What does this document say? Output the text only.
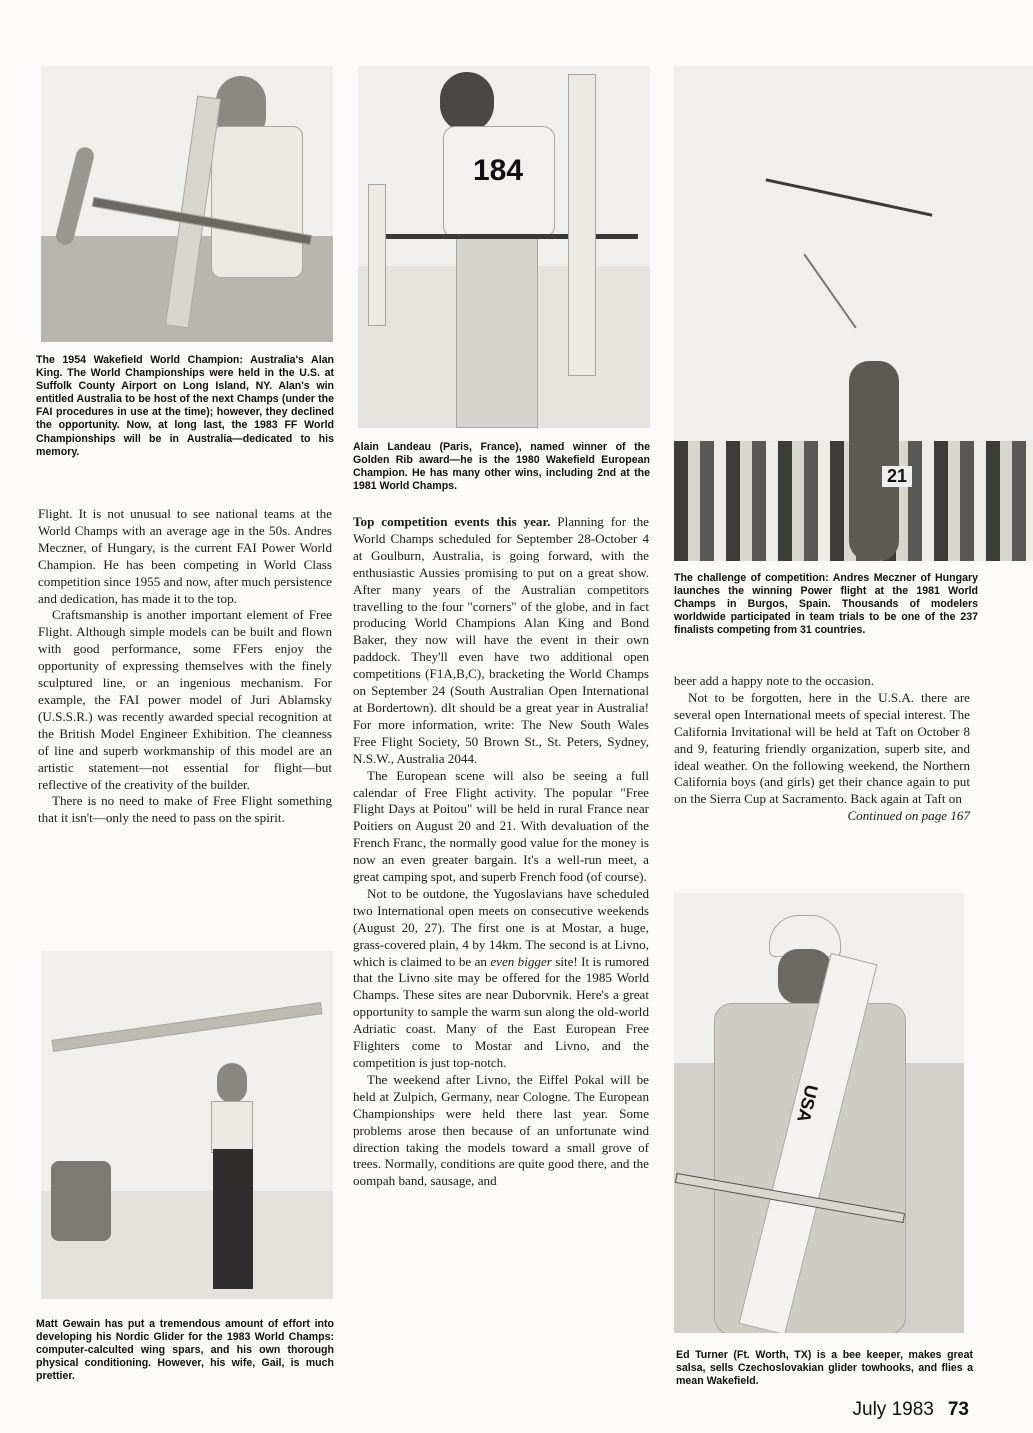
The 1954 Wakefield World Champion: Australia's Alan King. The World Championships were held in the U.S. at Suffolk County Airport on Long Island, NY. Alan's win entitled Australia to be host of the next Champs (under the FAI procedures in use at the time); however, they declined the opportunity. Now, at long last, the 1983 FF World Championships will be in Australia—dedicated to his memory.
184
Alain Landeau (Paris, France), named winner of the Golden Rib award—he is the 1980 Wakefield European Champion. He has many other wins, including 2nd at the 1981 World Champs.
21
The challenge of competition: Andres Meczner of Hungary launches the winning Power flight at the 1981 World Champs in Burgos, Spain. Thousands of modelers worldwide participated in team trials to be one of the 237 finalists competing from 31 countries.

Flight. It is not unusual to see national teams at the World Champs with an average age in the 50s. Andres Meczner, of Hungary, is the current FAI Power World Champion. He has been competing in World Class competition since 1955 and now, after much persistence and dedication, has made it to the top.

Craftsmanship is another important element of Free Flight. Although simple models can be built and flown with good performance, some FFers enjoy the opportunity of expressing themselves with the finely sculptured line, or an ingenious mechanism. For example, the FAI power model of Juri Ablamsky (U.S.S.R.) was recently awarded special recognition at the British Model Engineer Exhibition. The cleanness of line and superb workmanship of this model are an artistic statement—not essential for flight—but reflective of the creativity of the builder.

There is no need to make of Free Flight something that it isn't—only the need to pass on the spirit.

Matt Gewain has put a tremendous amount of effort into developing his Nordic Glider for the 1983 World Champs: computer-calculted wing spars, and his own thorough physical conditioning. However, his wife, Gail, is much prettier.

Top competition events this year. Planning for the World Champs scheduled for September 28-October 4 at Goulburn, Australia, is going forward, with the enthusiastic Aussies promising to put on a great show. After many years of the Australian competitors travelling to the four "corners" of the globe, and in fact producing World Champions Alan King and Bond Baker, they now will have the event in their own paddock. They'll even have two additional open competitions (F1A,B,C), bracketing the World Champs on September 24 (South Australian Open International at Bordertown). dIt should be a great year in Australia! For more information, write: The New South Wales Free Flight Society, 50 Brown St., St. Peters, Sydney, N.S.W., Australia 2044.

The European scene will also be seeing a full calendar of Free Flight activity. The popular "Free Flight Days at Poitou" will be held in rural France near Poitiers on August 20 and 21. With devaluation of the French Franc, the normally good value for the money is now an even greater bargain. It's a well-run meet, a great camping spot, and superb French food (of course).

Not to be outdone, the Yugoslavians have scheduled two International open meets on consecutive weekends (August 20, 27). The first one is at Mostar, a huge, grass-covered plain, 4 by 14km. The second is at Livno, which is claimed to be an even bigger site! It is rumored that the Livno site may be offered for the 1985 World Champs. These sites are near Duborvnik. Here's a great opportunity to sample the warm sun along the old-world Adriatic coast. Many of the East European Free Flighters come to Mostar and Livno, and the competition is just top-notch.

The weekend after Livno, the Eiffel Pokal will be held at Zulpich, Germany, near Cologne. The European Championships were held there last year. Some problems arose then because of an unfortunate wind direction taking the models toward a small grove of trees. Normally, conditions are quite good there, and the oompah band, sausage, and

beer add a happy note to the occasion.

Not to be forgotten, here in the U.S.A. there are several open International meets of special interest. The California Invitational will be held at Taft on October 8 and 9, featuring friendly organization, superb site, and ideal weather. On the following weekend, the Northern California boys (and girls) get their chance again to put on the Sierra Cup at Sacramento. Back again at Taft on

Continued on page 167

USA
Ed Turner (Ft. Worth, TX) is a bee keeper, makes great salsa, sells Czechoslovakian glider towhooks, and flies a mean Wakefield.
July 1983 73
